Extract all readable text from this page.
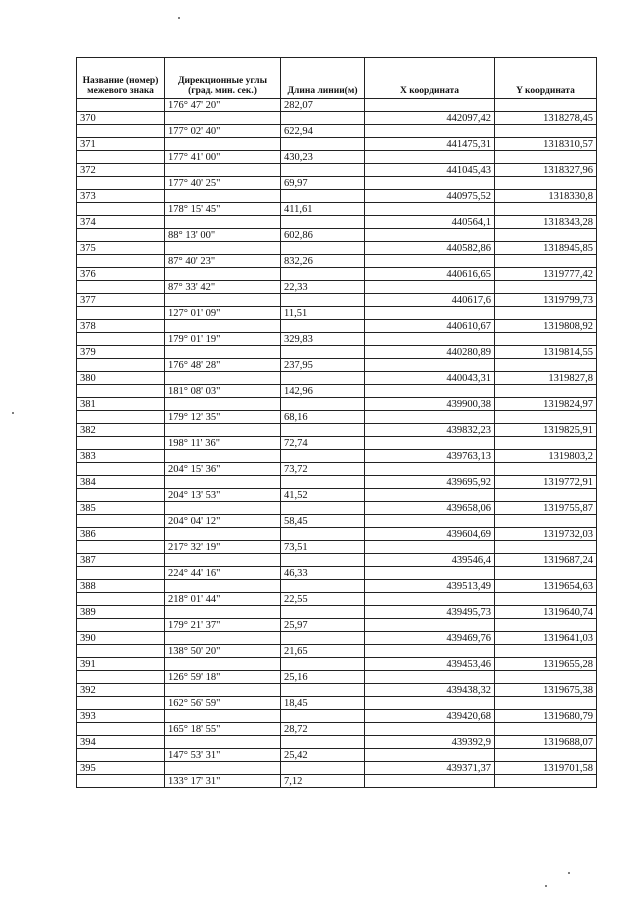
Название (номер) межевого знака	Дирекционные углы (град. мин. сек.)	Длина линии(м)	X координата	Y координата
	176° 47' 20"	282,07		
370			442097,42	1318278,45
	177° 02' 40"	622,94		
371			441475,31	1318310,57
	177° 41' 00"	430,23		
372			441045,43	1318327,96
	177° 40' 25"	69,97		
373			440975,52	1318330,8
	178° 15' 45"	411,61		
374			440564,1	1318343,28
	88° 13' 00"	602,86		
375			440582,86	1318945,85
	87° 40' 23"	832,26		
376			440616,65	1319777,42
	87° 33' 42"	22,33		
377			440617,6	1319799,73
	127° 01' 09"	11,51		
378			440610,67	1319808,92
	179° 01' 19"	329,83		
379			440280,89	1319814,55
	176° 48' 28"	237,95		
380			440043,31	1319827,8
	181° 08' 03"	142,96		
381			439900,38	1319824,97
	179° 12' 35"	68,16		
382			439832,23	1319825,91
	198° 11' 36"	72,74		
383			439763,13	1319803,2
	204° 15' 36"	73,72		
384			439695,92	1319772,91
	204° 13' 53"	41,52		
385			439658,06	1319755,87
	204° 04' 12"	58,45		
386			439604,69	1319732,03
	217° 32' 19"	73,51		
387			439546,4	1319687,24
	224° 44' 16"	46,33		
388			439513,49	1319654,63
	218° 01' 44"	22,55		
389			439495,73	1319640,74
	179° 21' 37"	25,97		
390			439469,76	1319641,03
	138° 50' 20"	21,65		
391			439453,46	1319655,28
	126° 59' 18"	25,16		
392			439438,32	1319675,38
	162° 56' 59"	18,45		
393			439420,68	1319680,79
	165° 18' 55"	28,72		
394			439392,9	1319688,07
	147° 53' 31"	25,42		
395			439371,37	1319701,58
	133° 17' 31"	7,12		
